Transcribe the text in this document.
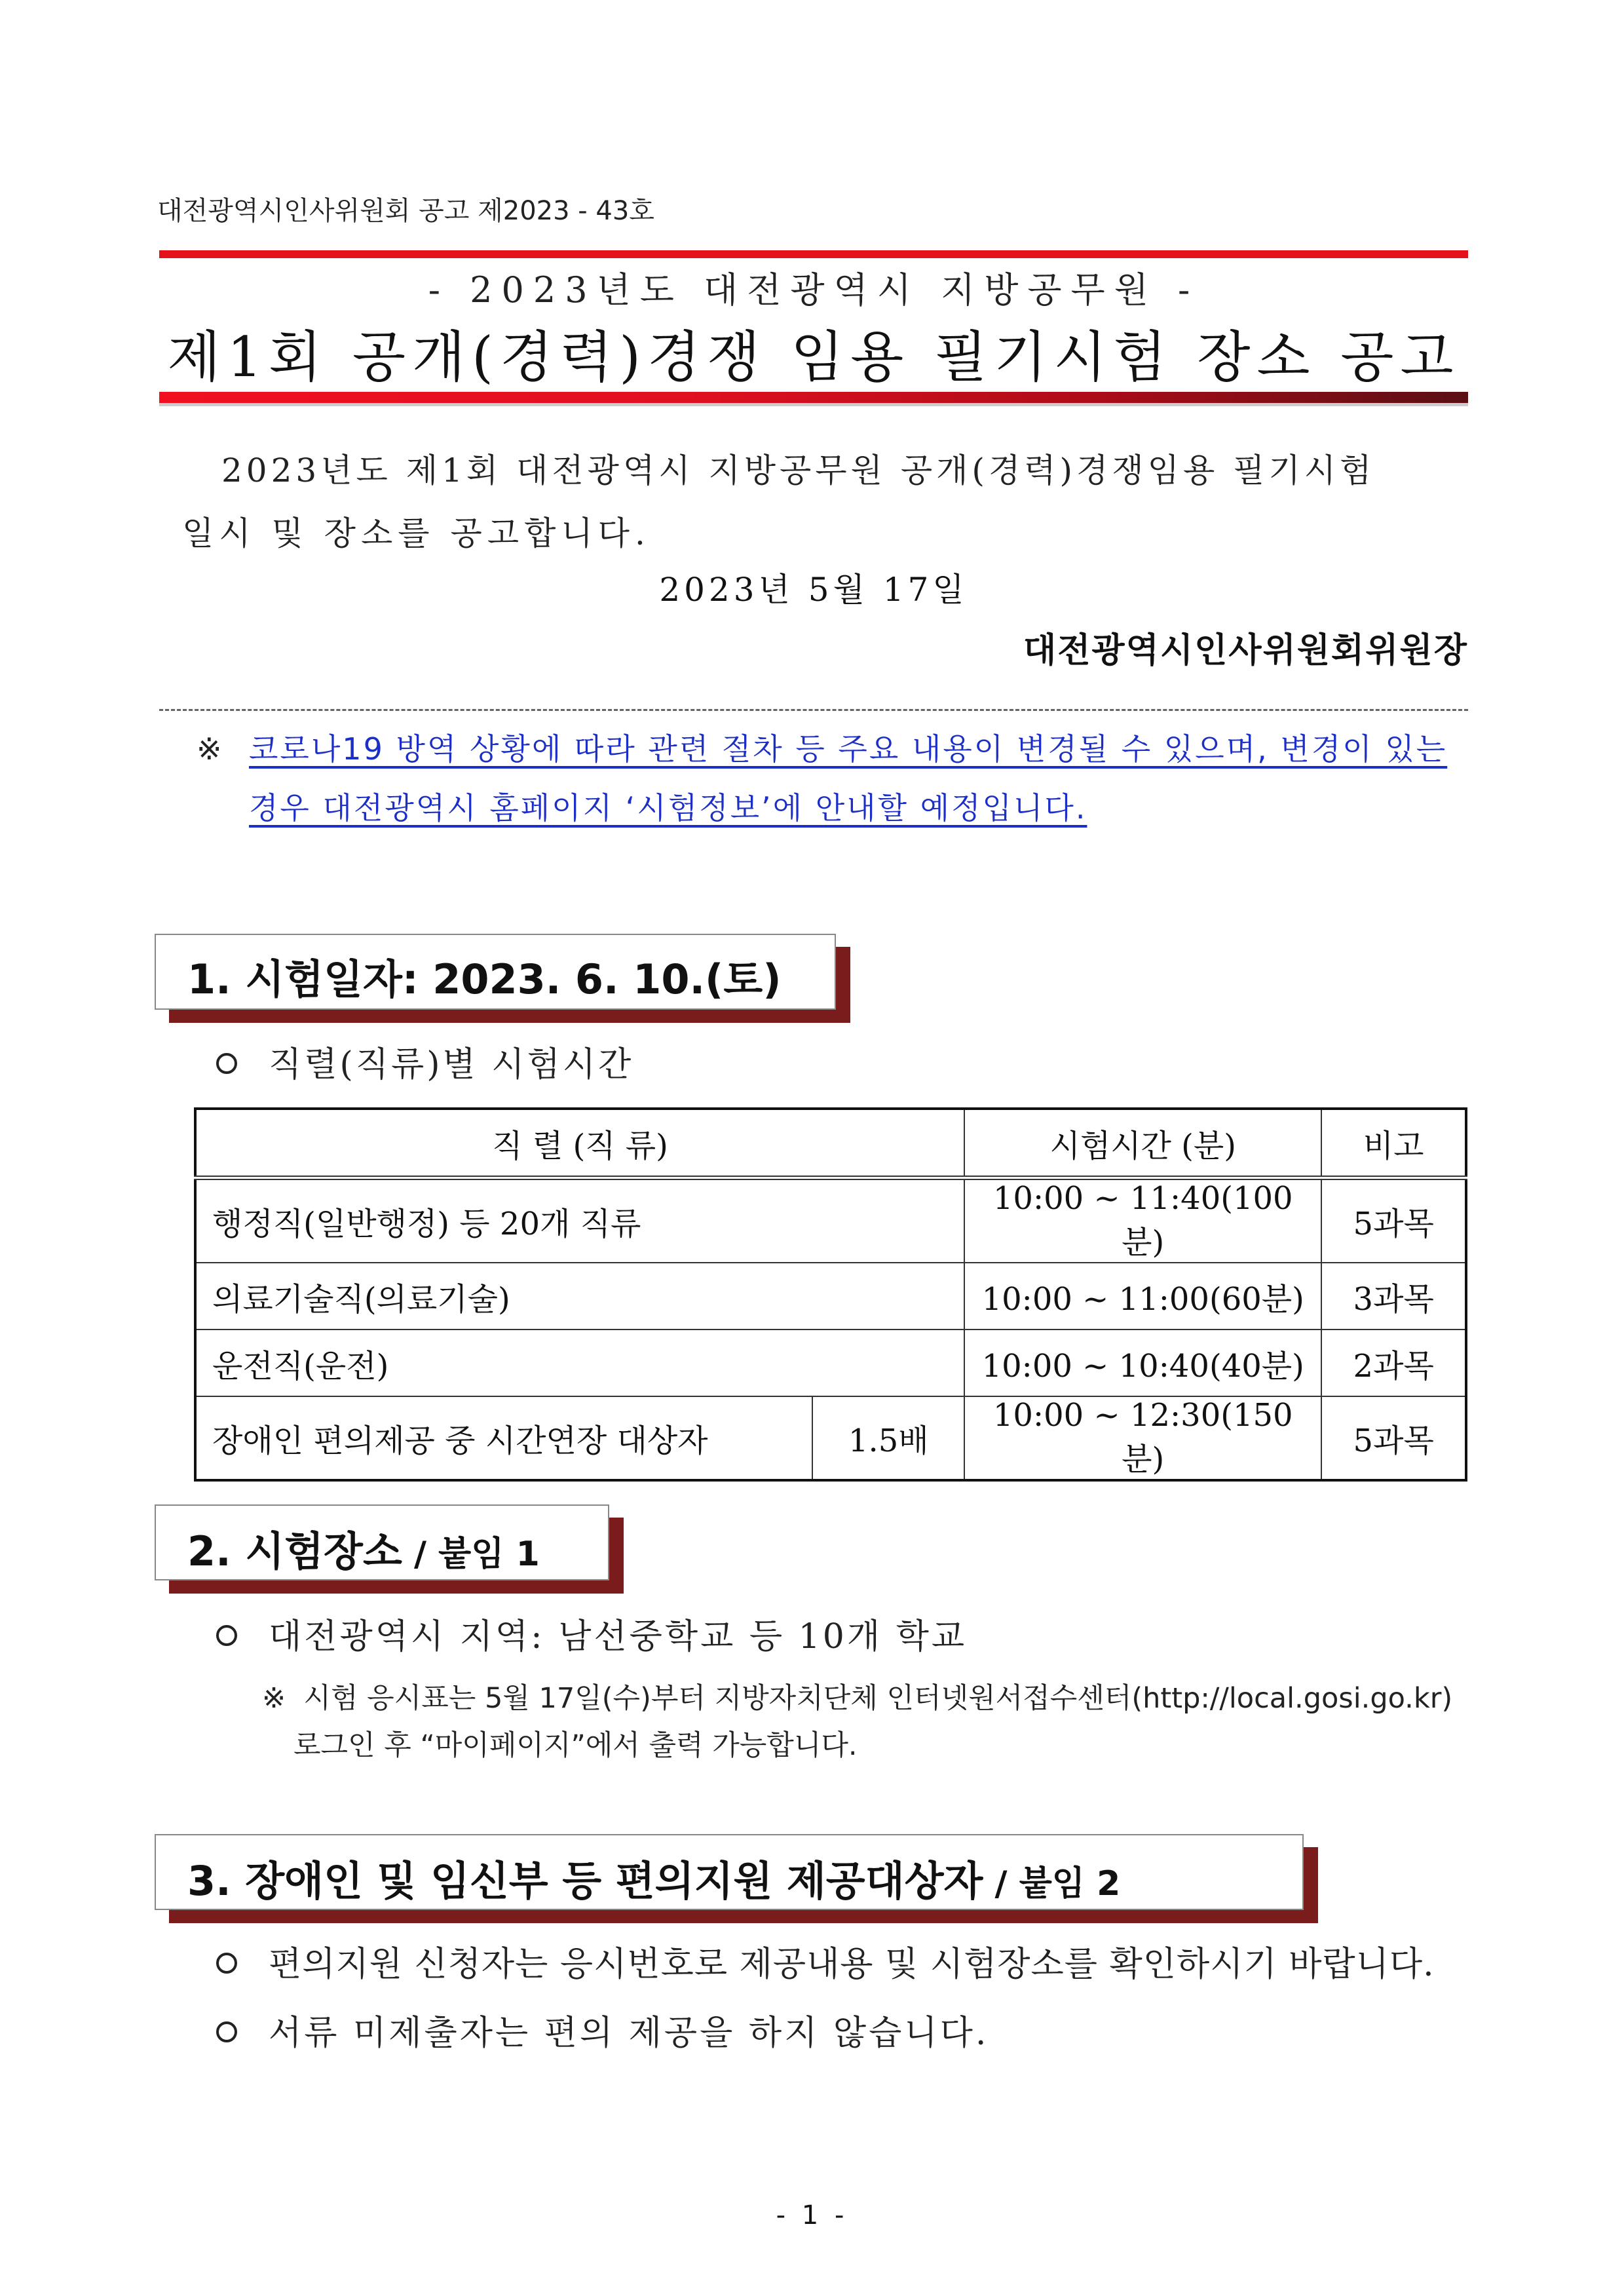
대전광역시인사위원회 공고 제2023 - 43호
- 2023년도 대전광역시 지방공무원 -
제1회 공개(경력)경쟁 임용 필기시험 장소 공고

2023년도 제1회 대전광역시 지방공무원 공개(경력)경쟁임용 필기시험

일시 및 장소를 공고합니다.

2023년 5월 17일
대전광역시인사위원회위원장
※ 코로나19 방역 상황에 따라 관련 절차 등 주요 내용이 변경될 수 있으며, 변경이 있는 경우 대전광역시 홈페이지 ‘시험정보’에 안내할 예정입니다.
1. 시험일자: 2023. 6. 10.(토)
직렬(직류)별 시험시간
직 렬 (직 류)		시험시간 (분)	비고
행정직(일반행정) 등 20개 직류		10:00 ~ 11:40(100분)	5과목
의료기술직(의료기술)		10:00 ~ 11:00(60분)	3과목
운전직(운전)		10:00 ~ 10:40(40분)	2과목
장애인 편의제공 중 시간연장 대상자	1.5배	10:00 ~ 12:30(150분)	5과목
2. 시험장소 / 붙임 1
대전광역시 지역: 남선중학교 등 10개 학교
※ 시험 응시표는 5월 17일(수)부터 지방자치단체 인터넷원서접수센터(http://local.gosi.go.kr)
로그인 후 “마이페이지”에서 출력 가능합니다.
3. 장애인 및 임신부 등 편의지원 제공대상자 / 붙임 2
편의지원 신청자는 응시번호로 제공내용 및 시험장소를 확인하시기 바랍니다.
서류 미제출자는 편의 제공을 하지 않습니다.
- 1 -
